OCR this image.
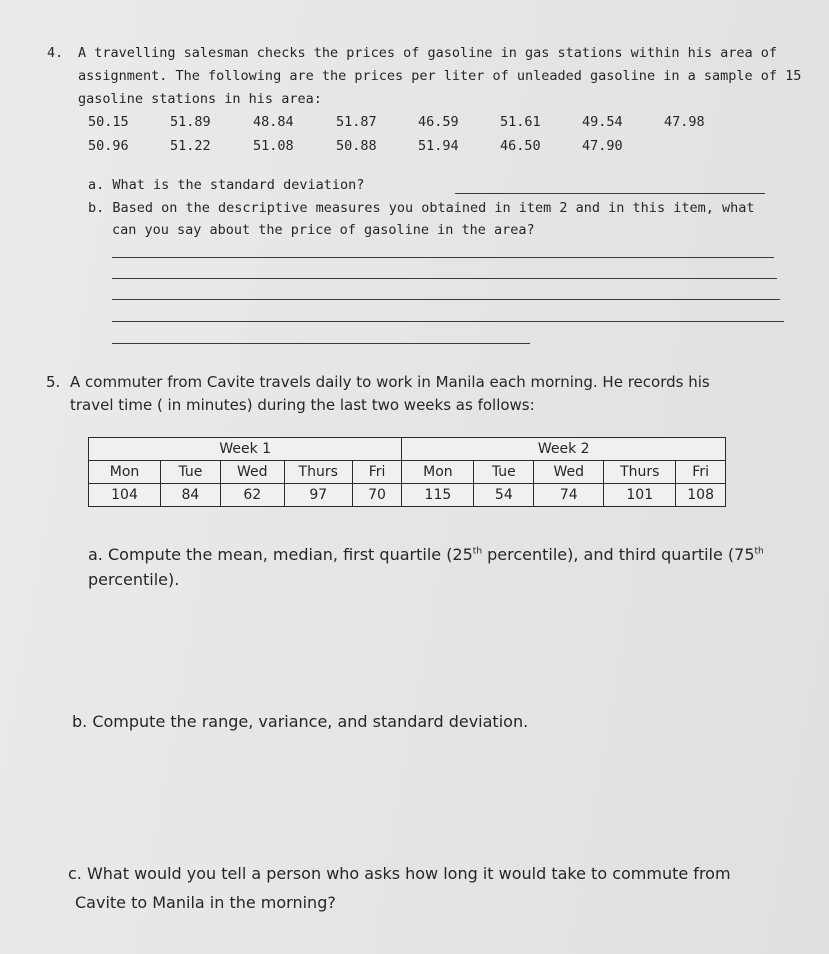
4. A travelling salesman checks the prices of gasoline in gas stations within his area of
assignment. The following are the prices per liter of unleaded gasoline in a sample of 15
gasoline stations in his area:
50.15	51.89	48.84	51.87	46.59	51.61	49.54	47.98
50.96	51.22	51.08	50.88	51.94	46.50	47.90
a. What is the standard deviation?
b. Based on the descriptive measures you obtained in item 2 and in this item, what
can you say about the price of gasoline in the area?
5. A commuter from Cavite travels daily to work in Manila each morning. He records his
travel time ( in minutes) during the last two weeks as follows:
Week 1					Week 2				
Mon	Tue	Wed	Thurs	Fri	Mon	Tue	Wed	Thurs	Fri
104	84	62	97	70	115	54	74	101	108
a. Compute the mean, median, first quartile (25th percentile), and third quartile (75th
percentile).
b. Compute the range, variance, and standard deviation.
c. What would you tell a person who asks how long it would take to commute from
Cavite to Manila in the morning?
